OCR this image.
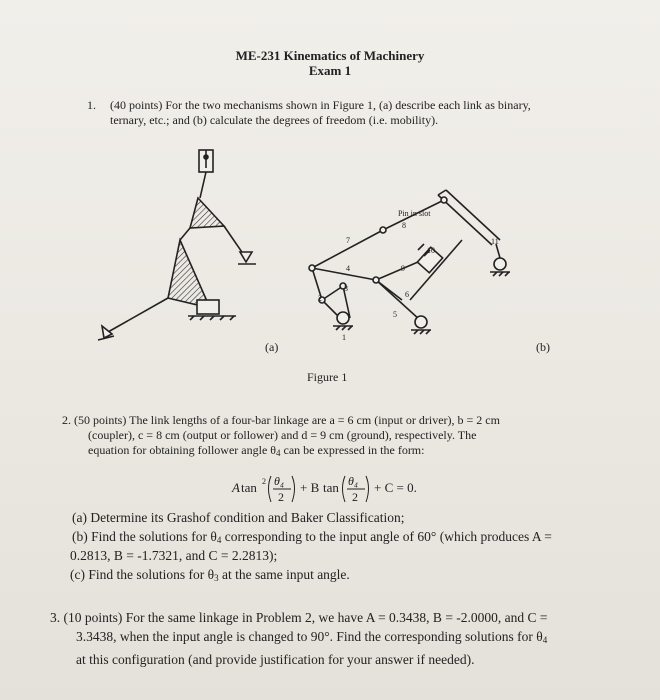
ME-231 Kinematics of Machinery
Exam 1
1.	(40 points) For the two mechanisms shown in Figure 1, (a) describe each link as binary,
ternary, etc.; and (b) calculate the degrees of freedom (i.e. mobility).
Pin in slot
8
7
10
11
4	9
3
2	6
5
1
(a)	(b)
Figure 1
2. (50 points) The link lengths of a four-bar linkage are a = 6 cm (input or driver), b = 2 cm
(coupler), c = 8 cm (output or follower) and d = 9 cm (ground), respectively. The
equation for obtaining follower angle $\theta_4$ can be expressed in the form:
A tan 2 θ₄
2
+ B tan θ₄
2
+ C = 0.
(a) Determine its Grashof condition and Baker Classification;
(b) Find the solutions for $\theta_4$ corresponding to the input angle of 60° (which produces A =
0.2813, B = -1.7321, and C = 2.2813);
(c) Find the solutions for $\theta_3$ at the same input angle.
3. (10 points) For the same linkage in Problem 2, we have A = 0.3438, B = -2.0000, and C =
3.3438, when the input angle is changed to 90°. Find the corresponding solutions for $\theta_4$
at this configuration (and provide justification for your answer if needed).
